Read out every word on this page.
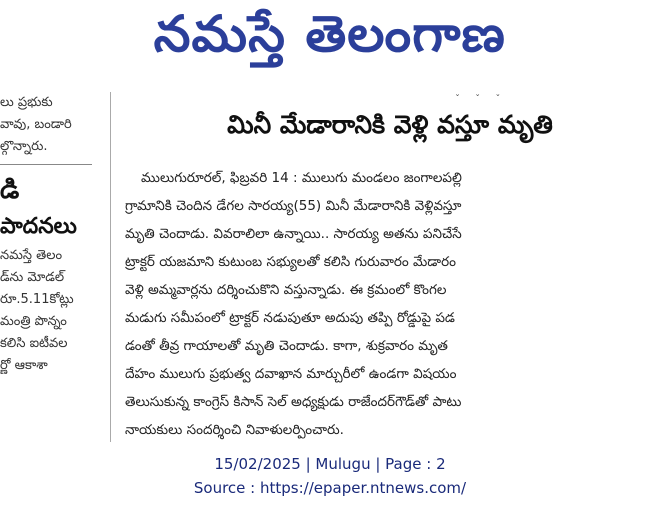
నమస్తే తెలంగాణ
లు ప్రభుకు
వావు, బండారి
ల్గొన్నారు.
డి
పాదనలు
నమస్తే తెలం
డ్‌ను మోడల్
రూ.5.11కోట్లు
మంత్రి పొన్నం
కలిసి ఐటీవల
ర్ణో ఆకాశా
ˇ ˇ ˇ
మినీ మేడారానికి వెళ్లి వస్తూ మృతి
ములుగురూరల్, ఫిబ్రవరి 14 : ములుగు మండలం జంగాలపల్లి
గ్రామానికి చెందిన డేగల సారయ్య(55) మినీ మేడారానికి వెళ్లివస్తూ
మృతి చెందాడు. వివరాలిలా ఉన్నాయి.. సారయ్య అతను పనిచేసే
ట్రాక్టర్ యజమాని కుటుంబ సభ్యులతో కలిసి గురువారం మేడారం
వెళ్లి అమ్మవార్లను దర్శించుకొని వస్తున్నాడు. ఈ క్రమంలో కొంగల
మడుగు సమీపంలో ట్రాక్టర్ నడుపుతూ అదుపు తప్పి రోడ్డుపై పడ
డంతో తీవ్ర గాయాలతో మృతి చెందాడు. కాగా, శుక్రవారం మృత
దేహం ములుగు ప్రభుత్వ దవాఖాన మార్చురీలో ఉండగా విషయం
తెలుసుకున్న కాంగ్రెస్ కిసాన్ సెల్ అధ్యక్షుడు రాజేందర్‌గౌడ్‌తో పాటు
నాయకులు సందర్శించి నివాళులర్పించారు.
15/02/2025 | Mulugu | Page : 2
Source : https://epaper.ntnews.com/
